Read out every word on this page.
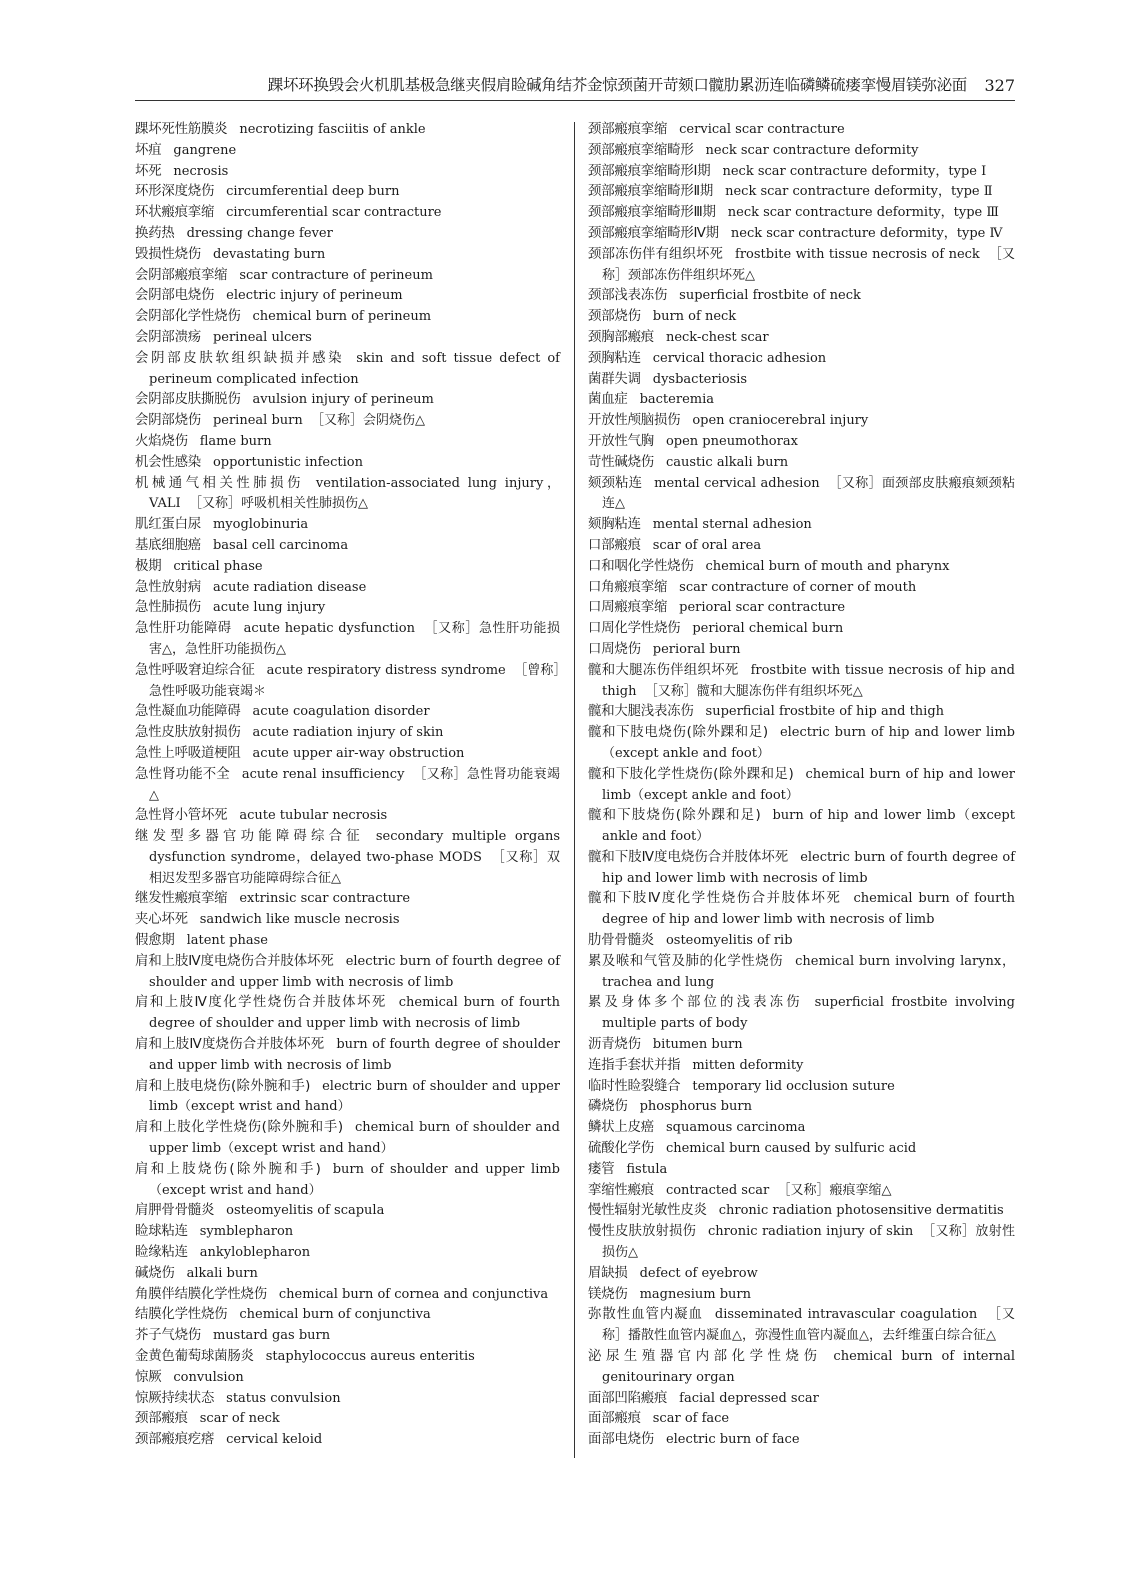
踝坏环换毁会火机肌基极急继夹假肩睑碱角结芥金惊颈菌开苛颏口髋肋累沥连临磷鳞硫瘘挛慢眉镁弥泌面 327
踝坏死性筋膜炎 necrotizing fasciitis of ankle
坏疽 gangrene
坏死 necrosis
环形深度烧伤 circumferential deep burn
环状瘢痕挛缩 circumferential scar contracture
换药热 dressing change fever
毁损性烧伤 devastating burn
会阴部瘢痕挛缩 scar contracture of perineum
会阴部电烧伤 electric injury of perineum
会阴部化学性烧伤 chemical burn of perineum
会阴部溃疡 perineal ulcers
会阴部皮肤软组织缺损并感染 skin and soft tissue defect of perineum complicated infection
会阴部皮肤撕脱伤 avulsion injury of perineum
会阴部烧伤 perineal burn ［又称］会阴烧伤△
火焰烧伤 flame burn
机会性感染 opportunistic infection
机械通气相关性肺损伤 ventilation-associated lung injury，VALI ［又称］呼吸机相关性肺损伤△
肌红蛋白尿 myoglobinuria
基底细胞癌 basal cell carcinoma
极期 critical phase
急性放射病 acute radiation disease
急性肺损伤 acute lung injury
急性肝功能障碍 acute hepatic dysfunction ［又称］急性肝功能损害△，急性肝功能损伤△
急性呼吸窘迫综合征 acute respiratory distress syndrome ［曾称］急性呼吸功能衰竭＊
急性凝血功能障碍 acute coagulation disorder
急性皮肤放射损伤 acute radiation injury of skin
急性上呼吸道梗阻 acute upper air-way obstruction
急性肾功能不全 acute renal insufficiency ［又称］急性肾功能衰竭△
急性肾小管坏死 acute tubular necrosis
继发型多器官功能障碍综合征 secondary multiple organs dysfunction syndrome，delayed two-phase MODS ［又称］双相迟发型多器官功能障碍综合征△
继发性瘢痕挛缩 extrinsic scar contracture
夹心坏死 sandwich like muscle necrosis
假愈期 latent phase
肩和上肢Ⅳ度电烧伤合并肢体坏死 electric burn of fourth degree of shoulder and upper limb with necrosis of limb
肩和上肢Ⅳ度化学性烧伤合并肢体坏死 chemical burn of fourth degree of shoulder and upper limb with necrosis of limb
肩和上肢Ⅳ度烧伤合并肢体坏死 burn of fourth degree of shoulder and upper limb with necrosis of limb
肩和上肢电烧伤(除外腕和手) electric burn of shoulder and upper limb（except wrist and hand）
肩和上肢化学性烧伤(除外腕和手) chemical burn of shoulder and upper limb（except wrist and hand）
肩和上肢烧伤(除外腕和手) burn of shoulder and upper limb（except wrist and hand）
肩胛骨骨髓炎 osteomyelitis of scapula
睑球粘连 symblepharon
睑缘粘连 ankyloblepharon
碱烧伤 alkali burn
角膜伴结膜化学性烧伤 chemical burn of cornea and conjunctiva
结膜化学性烧伤 chemical burn of conjunctiva
芥子气烧伤 mustard gas burn
金黄色葡萄球菌肠炎 staphylococcus aureus enteritis
惊厥 convulsion
惊厥持续状态 status convulsion
颈部瘢痕 scar of neck
颈部瘢痕疙瘩 cervical keloid
颈部瘢痕挛缩 cervical scar contracture
颈部瘢痕挛缩畸形 neck scar contracture deformity
颈部瘢痕挛缩畸形Ⅰ期 neck scar contracture deformity，type Ⅰ
颈部瘢痕挛缩畸形Ⅱ期 neck scar contracture deformity，type Ⅱ
颈部瘢痕挛缩畸形Ⅲ期 neck scar contracture deformity，type Ⅲ
颈部瘢痕挛缩畸形Ⅳ期 neck scar contracture deformity，type Ⅳ
颈部冻伤伴有组织坏死 frostbite with tissue necrosis of neck ［又称］颈部冻伤伴组织坏死△
颈部浅表冻伤 superficial frostbite of neck
颈部烧伤 burn of neck
颈胸部瘢痕 neck-chest scar
颈胸粘连 cervical thoracic adhesion
菌群失调 dysbacteriosis
菌血症 bacteremia
开放性颅脑损伤 open craniocerebral injury
开放性气胸 open pneumothorax
苛性碱烧伤 caustic alkali burn
颏颈粘连 mental cervical adhesion ［又称］面颈部皮肤瘢痕颏颈粘连△
颏胸粘连 mental sternal adhesion
口部瘢痕 scar of oral area
口和咽化学性烧伤 chemical burn of mouth and pharynx
口角瘢痕挛缩 scar contracture of corner of mouth
口周瘢痕挛缩 perioral scar contracture
口周化学性烧伤 perioral chemical burn
口周烧伤 perioral burn
髋和大腿冻伤伴组织坏死 frostbite with tissue necrosis of hip and thigh ［又称］髋和大腿冻伤伴有组织坏死△
髋和大腿浅表冻伤 superficial frostbite of hip and thigh
髋和下肢电烧伤(除外踝和足) electric burn of hip and lower limb（except ankle and foot）
髋和下肢化学性烧伤(除外踝和足) chemical burn of hip and lower limb（except ankle and foot）
髋和下肢烧伤(除外踝和足) burn of hip and lower limb（except ankle and foot）
髋和下肢Ⅳ度电烧伤合并肢体坏死 electric burn of fourth degree of hip and lower limb with necrosis of limb
髋和下肢Ⅳ度化学性烧伤合并肢体坏死 chemical burn of fourth degree of hip and lower limb with necrosis of limb
肋骨骨髓炎 osteomyelitis of rib
累及喉和气管及肺的化学性烧伤 chemical burn involving larynx，trachea and lung
累及身体多个部位的浅表冻伤 superficial frostbite involving multiple parts of body
沥青烧伤 bitumen burn
连指手套状并指 mitten deformity
临时性睑裂缝合 temporary lid occlusion suture
磷烧伤 phosphorus burn
鳞状上皮癌 squamous carcinoma
硫酸化学伤 chemical burn caused by sulfuric acid
瘘管 fistula
挛缩性瘢痕 contracted scar ［又称］瘢痕挛缩△
慢性辐射光敏性皮炎 chronic radiation photosensitive dermatitis
慢性皮肤放射损伤 chronic radiation injury of skin ［又称］放射性损伤△
眉缺损 defect of eyebrow
镁烧伤 magnesium burn
弥散性血管内凝血 disseminated intravascular coagulation ［又称］播散性血管内凝血△，弥漫性血管内凝血△，去纤维蛋白综合征△
泌尿生殖器官内部化学性烧伤 chemical burn of internal genitourinary organ
面部凹陷瘢痕 facial depressed scar
面部瘢痕 scar of face
面部电烧伤 electric burn of face
